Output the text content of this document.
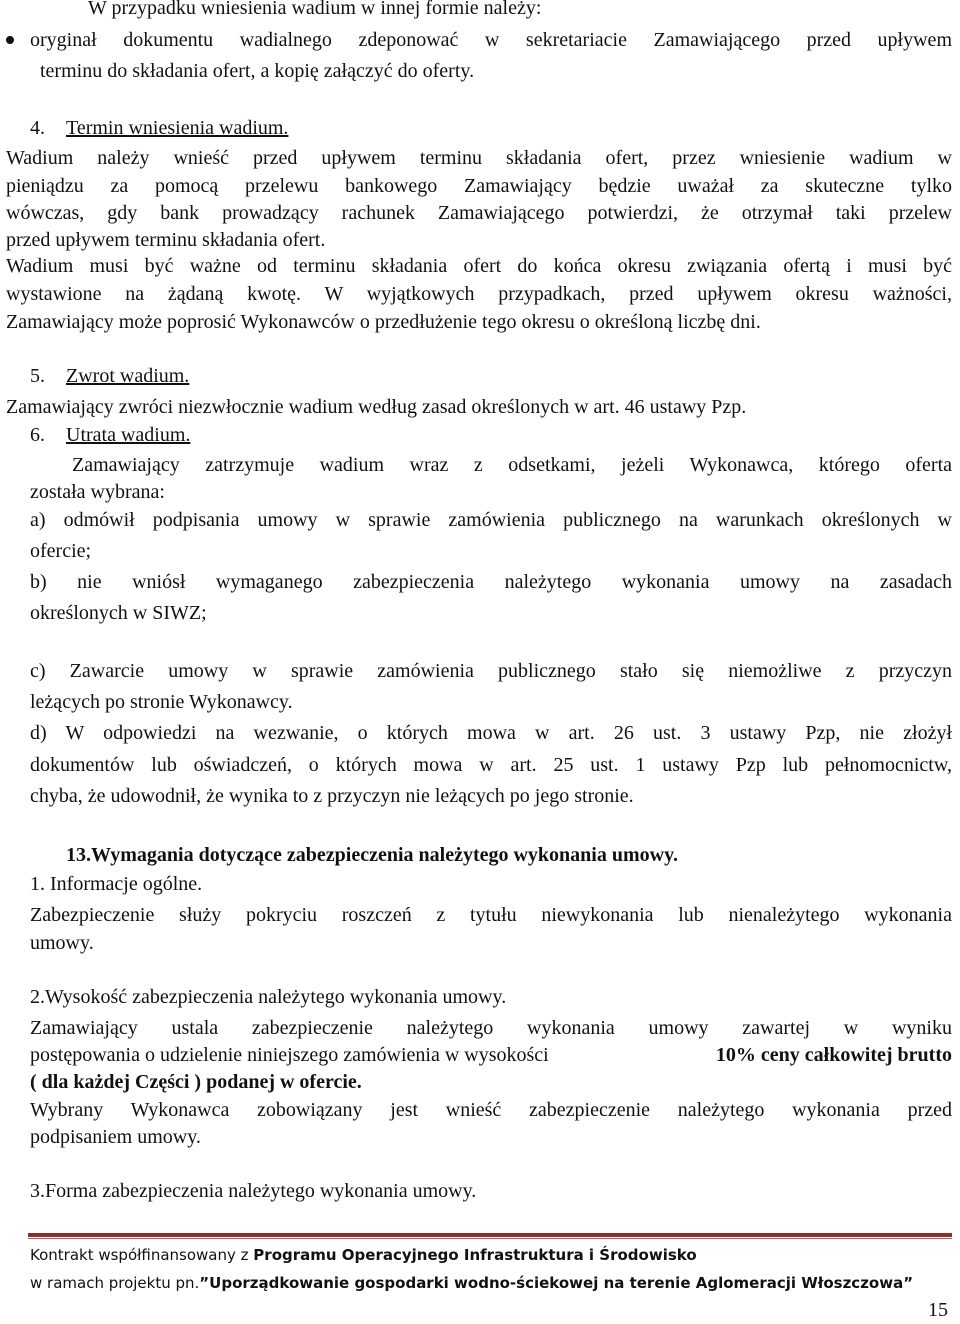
W przypadku wniesienia wadium w innej formie należy:

oryginał dokumentu wadialnego zdeponować w sekretariacie Zamawiającego przed upływem

terminu do składania ofert, a kopię załączyć do oferty.

4. Termin wniesienia wadium.

Wadium należy wnieść przed upływem terminu składania ofert, przez wniesienie wadium w

pieniądzu za pomocą przelewu bankowego Zamawiający będzie uważał za skuteczne tylko

wówczas, gdy bank prowadzący rachunek Zamawiającego potwierdzi, że otrzymał taki przelew

przed upływem terminu składania ofert.

Wadium musi być ważne od terminu składania ofert do końca okresu związania ofertą i musi być

wystawione na żądaną kwotę. W wyjątkowych przypadkach, przed upływem okresu ważności,

Zamawiający może poprosić Wykonawców o przedłużenie tego okresu o określoną liczbę dni.

5. Zwrot wadium.

Zamawiający zwróci niezwłocznie wadium według zasad określonych w art. 46 ustawy Pzp.

6. Utrata wadium.

Zamawiający zatrzymuje wadium wraz z odsetkami, jeżeli Wykonawca, którego oferta

została wybrana:

a) odmówił podpisania umowy w sprawie zamówienia publicznego na warunkach określonych w

ofercie;

b) nie wniósł wymaganego zabezpieczenia należytego wykonania umowy na zasadach

określonych w SIWZ;

c) Zawarcie umowy w sprawie zamówienia publicznego stało się niemożliwe z przyczyn

leżących po stronie Wykonawcy.

d) W odpowiedzi na wezwanie, o których mowa w art. 26 ust. 3 ustawy Pzp, nie złożył

dokumentów lub oświadczeń, o których mowa w art. 25 ust. 1 ustawy Pzp lub pełnomocnictw,

chyba, że udowodnił, że wynika to z przyczyn nie leżących po jego stronie.

13.Wymagania dotyczące zabezpieczenia należytego wykonania umowy.

1. Informacje ogólne.

Zabezpieczenie służy pokryciu roszczeń z tytułu niewykonania lub nienależytego wykonania

umowy.

2.Wysokość zabezpieczenia należytego wykonania umowy.

Zamawiający ustala zabezpieczenie należytego wykonania umowy zawartej w wyniku

postępowania o udzielenie niniejszego zamówienia w wysokości	10% ceny całkowitej brutto

( dla każdej Części ) podanej w ofercie.

Wybrany Wykonawca zobowiązany jest wnieść zabezpieczenie należytego wykonania przed

podpisaniem umowy.

3.Forma zabezpieczenia należytego wykonania umowy.

Kontrakt współfinansowany z Programu Operacyjnego Infrastruktura i Środowisko

w ramach projektu pn.”Uporządkowanie gospodarki wodno-ściekowej na terenie Aglomeracji Włoszczowa”

15
